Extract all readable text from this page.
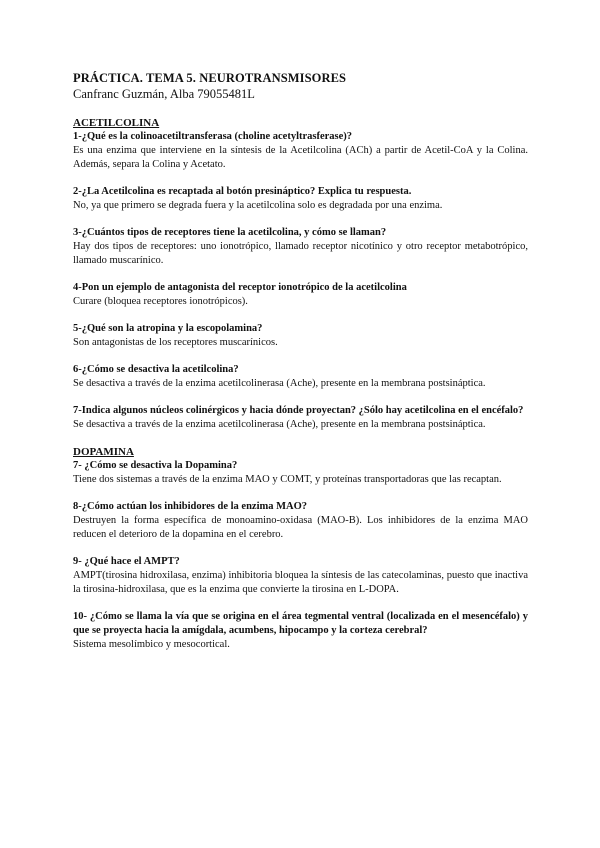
PRÁCTICA. TEMA 5. NEUROTRANSMISORES

Canfranc Guzmán, Alba 79055481L

ACETILCOLINA

1-¿Qué es la colinoacetiltransferasa (choline acetyltrasferase)?

Es una enzima que interviene en la síntesis de la Acetilcolina (ACh) a partir de Acetil-CoA y la Colina. Además, separa la Colina y Acetato.

2-¿La Acetilcolina es recaptada al botón presináptico? Explica tu respuesta.

No, ya que primero se degrada fuera y la acetilcolina solo es degradada por una enzima.

3-¿Cuántos tipos de receptores tiene la acetilcolina, y cómo se llaman?

Hay dos tipos de receptores: uno ionotrópico, llamado receptor nicotínico y otro receptor metabotrópico, llamado muscarínico.

4-Pon un ejemplo de antagonista del receptor ionotrópico de la acetilcolina

Curare (bloquea receptores ionotrópicos).

5-¿Qué son la atropina y la escopolamina?

Son antagonistas de los receptores muscarínicos.

6-¿Cómo se desactiva la acetilcolina?

Se desactiva a través de la enzima acetilcolinerasa (Ache), presente en la membrana postsináptica.

7-Indica algunos núcleos colinérgicos y hacia dónde proyectan? ¿Sólo hay acetilcolina en el encéfalo?

Se desactiva a través de la enzima acetilcolinerasa (Ache), presente en la membrana postsináptica.

DOPAMINA

7- ¿Cómo se desactiva la Dopamina?

Tiene dos sistemas a través de la enzima MAO y COMT, y proteínas transportadoras que las recaptan.

8-¿Cómo actúan los inhibidores de la enzima MAO?

Destruyen la forma específica de monoamino-oxidasa (MAO-B). Los inhibidores de la enzima MAO reducen el deterioro de la dopamina en el cerebro.

9- ¿Qué hace el AMPT?

AMPT(tirosina hidroxilasa, enzima) inhibitoria bloquea la síntesis de las catecolaminas, puesto que inactiva la tirosina-hidroxilasa, que es la enzima que convierte la tirosina en L-DOPA.

10- ¿Cómo se llama la vía que se origina en el área tegmental ventral (localizada en el mesencéfalo) y que se proyecta hacia la amígdala, acumbens, hipocampo y la corteza cerebral?

Sistema mesolímbico y mesocortical.
